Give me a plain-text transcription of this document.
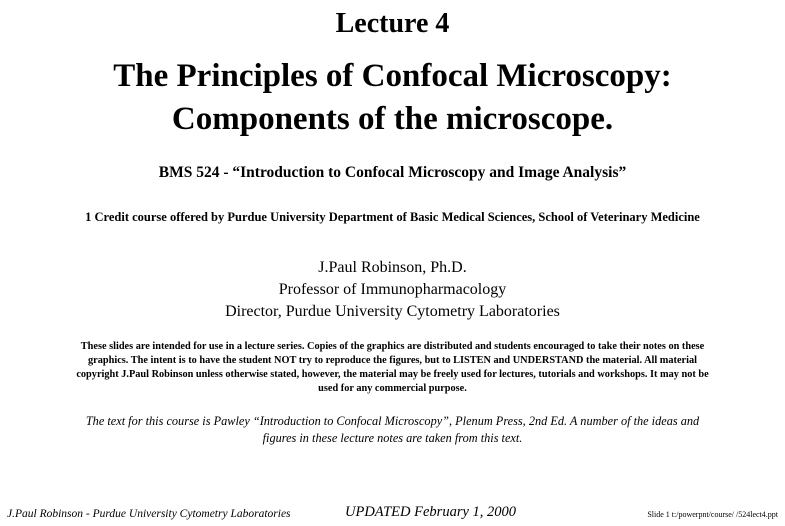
Lecture 4
The Principles of Confocal Microscopy:
Components of the microscope.
BMS 524 - “Introduction to Confocal Microscopy and Image Analysis”
1 Credit course offered by Purdue University Department of Basic Medical Sciences, School of Veterinary Medicine
J.Paul Robinson, Ph.D.
Professor of Immunopharmacology
Director, Purdue University Cytometry Laboratories
These slides are intended for use in a lecture series. Copies of the graphics are distributed and students encouraged to take their notes on these
graphics. The intent is to have the student NOT try to reproduce the figures, but to LISTEN and UNDERSTAND the material. All material
copyright J.Paul Robinson unless otherwise stated, however, the material may be freely used for lectures, tutorials and workshops. It may not be
used for any commercial purpose.
The text for this course is Pawley “Introduction to Confocal Microscopy”, Plenum Press, 2nd Ed. A number of the ideas and
figures in these lecture notes are taken from this text.
J.Paul Robinson - Purdue University Cytometry Laboratories	UPDATED February 1, 2000	Slide 1 t:/powerpnt/course/ /524lect4.ppt
